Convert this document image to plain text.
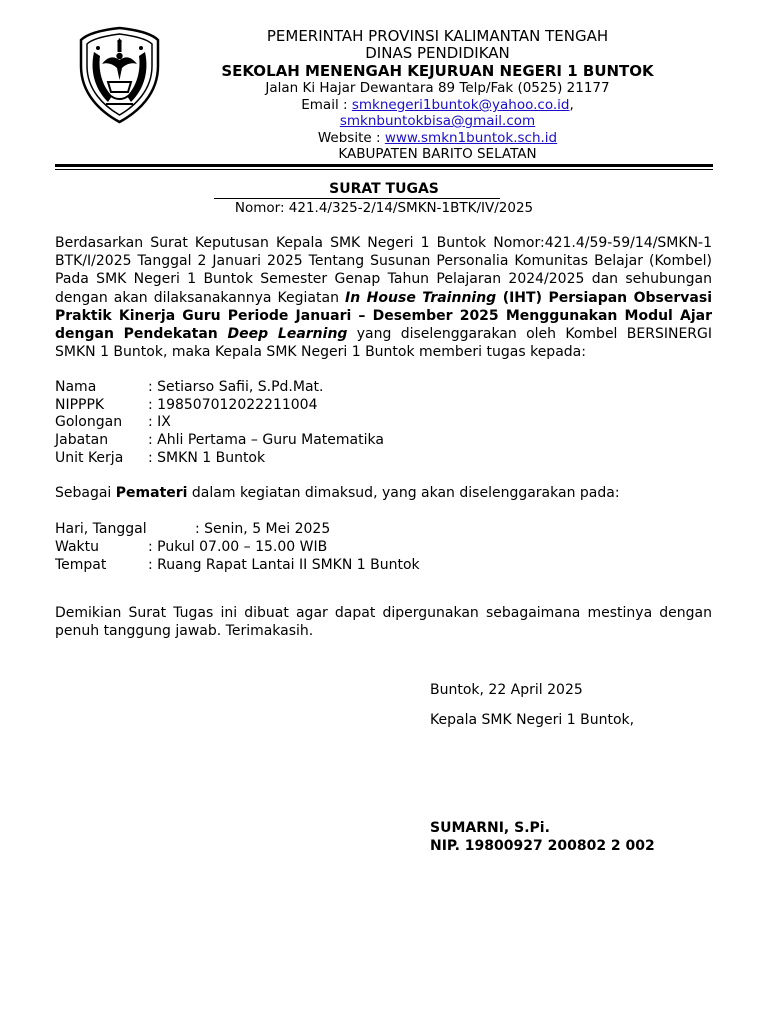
PEMERINTAH PROVINSI KALIMANTAN TENGAH
DINAS PENDIDIKAN
SEKOLAH MENENGAH KEJURUAN NEGERI 1 BUNTOK
Jalan Ki Hajar Dewantara 89 Telp/Fak (0525) 21177
Email : smknegeri1buntok@yahoo.co.id,
smknbuntokbisa@gmail.com
Website : www.smkn1buntok.sch.id
KABUPATEN BARITO SELATAN
SURAT TUGAS
Nomor: 421.4/325-2/14/SMKN-1BTK/IV/2025
Berdasarkan Surat Keputusan Kepala SMK Negeri 1 Buntok Nomor:421.4/59-59/14/SMKN-1 BTK/I/2025 Tanggal 2 Januari 2025 Tentang Susunan Personalia Komunitas Belajar (Kombel) Pada SMK Negeri 1 Buntok Semester Genap Tahun Pelajaran 2024/2025 dan sehubungan dengan akan dilaksanakannya Kegiatan In House Trainning (IHT) Persiapan Observasi Praktik Kinerja Guru Periode Januari – Desember 2025 Menggunakan Modul Ajar dengan Pendekatan Deep Learning yang diselenggarakan oleh Kombel BERSINERGI SMKN 1 Buntok, maka Kepala SMK Negeri 1 Buntok memberi tugas kepada:
Nama	: Setiarso Safii, S.Pd.Mat.
NIPPPK	: 198507012022211004
Golongan : IX
Jabatan	: Ahli Pertama – Guru Matematika
Unit Kerja : SMKN 1 Buntok
Sebagai Pemateri dalam kegiatan dimaksud, yang akan diselenggarakan pada:
Hari, Tanggal	: Senin, 5 Mei 2025
Waktu	: Pukul 07.00 – 15.00 WIB
Tempat	: Ruang Rapat Lantai II SMKN 1 Buntok
Demikian Surat Tugas ini dibuat agar dapat dipergunakan sebagaimana mestinya dengan penuh tanggung jawab. Terimakasih.
Buntok, 22 April 2025
Kepala SMK Negeri 1 Buntok,
SUMARNI, S.Pi.
NIP. 19800927 200802 2 002
